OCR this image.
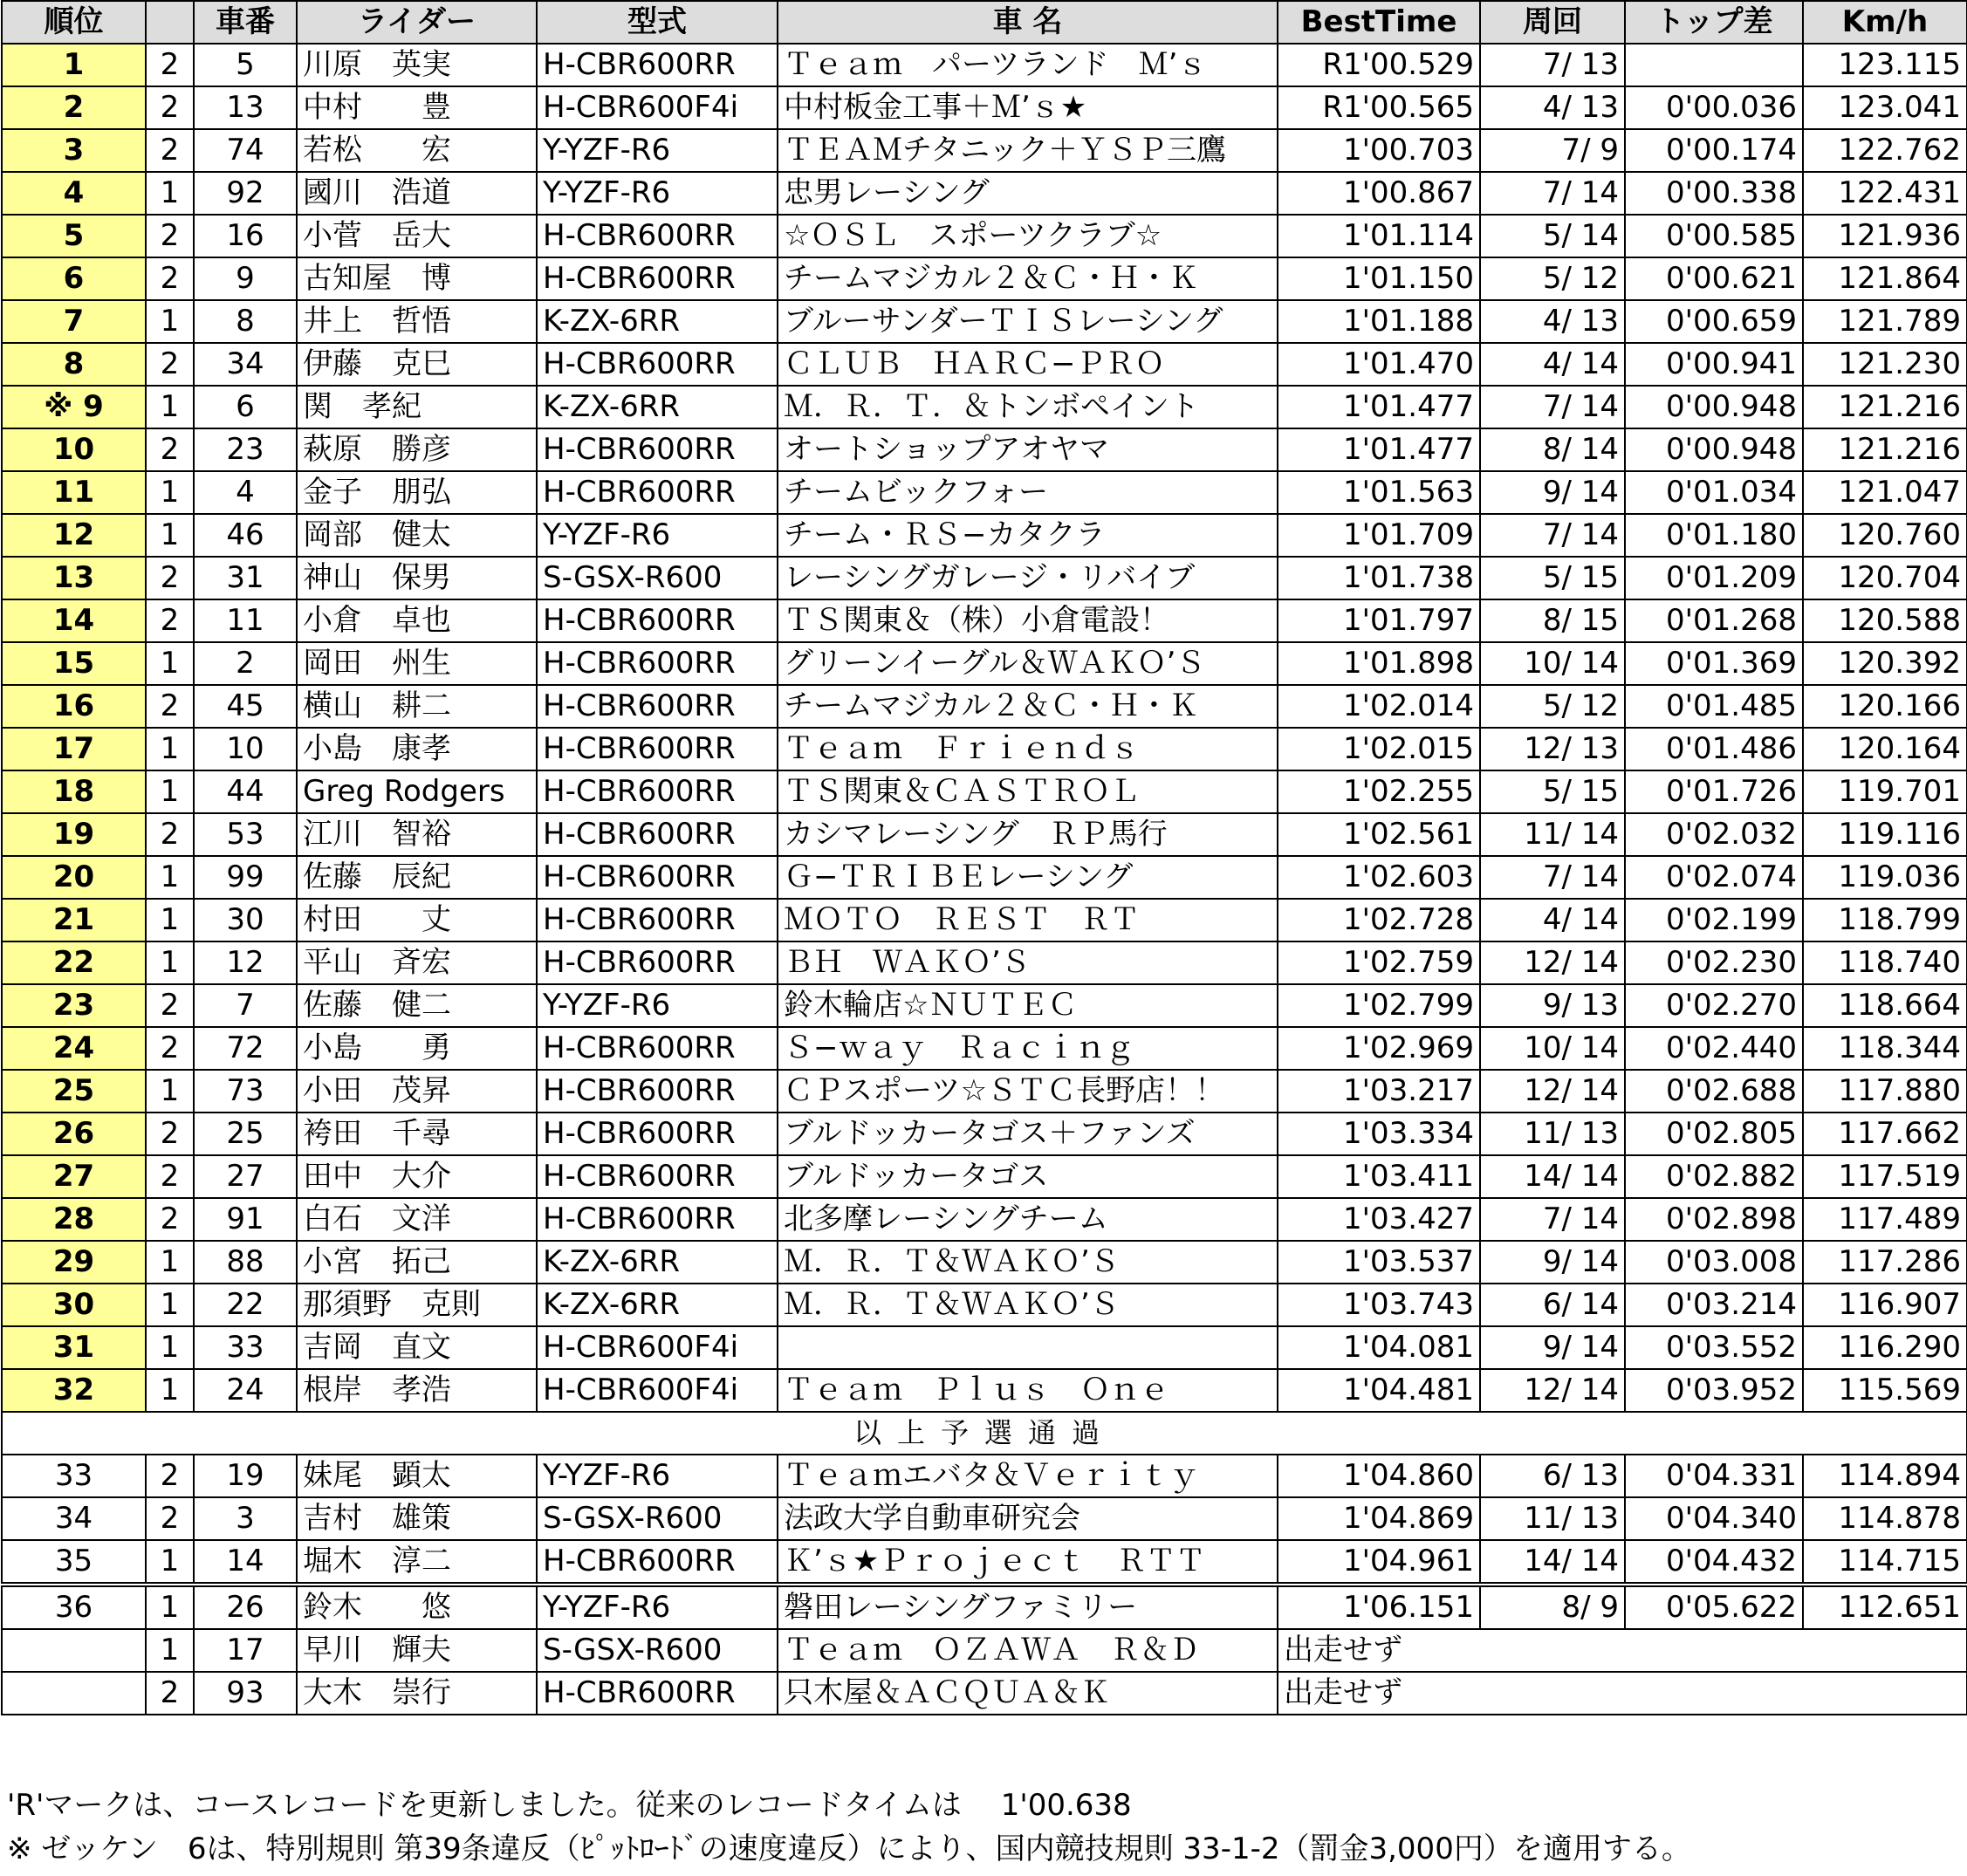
順位		車番	ライダー	型式	車 名	BestTime	周回	トップ差	Km/h
1	2	5	川原　英実	H-CBR600RR	Ｔｅａｍ　パーツランド　Ｍ’ｓ	R1'00.529	7/ 13		123.115
2	2	13	中村　　豊	H-CBR600F4i	中村板金工事＋Ｍ’ｓ★	R1'00.565	4/ 13	0'00.036	123.041
3	2	74	若松　　宏	Y-YZF-R6	ＴＥＡＭチタニック＋ＹＳＰ三鷹	1'00.703	7/ 9	0'00.174	122.762
4	1	92	國川　浩道	Y-YZF-R6	忠男レーシング	1'00.867	7/ 14	0'00.338	122.431
5	2	16	小菅　岳大	H-CBR600RR	☆ＯＳＬ　スポーツクラブ☆	1'01.114	5/ 14	0'00.585	121.936
6	2	9	古知屋　博	H-CBR600RR	チームマジカル２＆Ｃ・Ｈ・Ｋ	1'01.150	5/ 12	0'00.621	121.864
7	1	8	井上　哲悟	K-ZX-6RR	ブルーサンダーＴＩＳレーシング	1'01.188	4/ 13	0'00.659	121.789
8	2	34	伊藤　克巳	H-CBR600RR	ＣＬＵＢ　ＨＡＲＣ−ＰＲＯ	1'01.470	4/ 14	0'00.941	121.230
※ 9	1	6	関　孝紀	K-ZX-6RR	Ｍ．Ｒ．Ｔ．＆トンボペイント	1'01.477	7/ 14	0'00.948	121.216
10	2	23	萩原　勝彦	H-CBR600RR	オートショップアオヤマ	1'01.477	8/ 14	0'00.948	121.216
11	1	4	金子　朋弘	H-CBR600RR	チームビックフォー	1'01.563	9/ 14	0'01.034	121.047
12	1	46	岡部　健太	Y-YZF-R6	チーム・ＲＳ−カタクラ	1'01.709	7/ 14	0'01.180	120.760
13	2	31	神山　保男	S-GSX-R600	レーシングガレージ・リバイブ	1'01.738	5/ 15	0'01.209	120.704
14	2	11	小倉　卓也	H-CBR600RR	ＴＳ関東＆（株）小倉電設！	1'01.797	8/ 15	0'01.268	120.588
15	1	2	岡田　州生	H-CBR600RR	グリーンイーグル＆ＷＡＫＯ’Ｓ	1'01.898	10/ 14	0'01.369	120.392
16	2	45	横山　耕二	H-CBR600RR	チームマジカル２＆Ｃ・Ｈ・Ｋ	1'02.014	5/ 12	0'01.485	120.166
17	1	10	小島　康孝	H-CBR600RR	Ｔｅａｍ　Ｆｒｉｅｎｄｓ	1'02.015	12/ 13	0'01.486	120.164
18	1	44	Greg Rodgers	H-CBR600RR	ＴＳ関東＆ＣＡＳＴＲＯＬ	1'02.255	5/ 15	0'01.726	119.701
19	2	53	江川　智裕	H-CBR600RR	カシマレーシング　ＲＰ馬行	1'02.561	11/ 14	0'02.032	119.116
20	1	99	佐藤　辰紀	H-CBR600RR	Ｇ−ＴＲＩＢＥレーシング	1'02.603	7/ 14	0'02.074	119.036
21	1	30	村田　　丈	H-CBR600RR	ＭＯＴＯ　ＲＥＳＴ　ＲＴ	1'02.728	4/ 14	0'02.199	118.799
22	1	12	平山　斉宏	H-CBR600RR	ＢＨ　ＷＡＫＯ’Ｓ	1'02.759	12/ 14	0'02.230	118.740
23	2	7	佐藤　健二	Y-YZF-R6	鈴木輪店☆ＮＵＴＥＣ	1'02.799	9/ 13	0'02.270	118.664
24	2	72	小島　　勇	H-CBR600RR	Ｓ−ｗａｙ　Ｒａｃｉｎｇ	1'02.969	10/ 14	0'02.440	118.344
25	1	73	小田　茂昇	H-CBR600RR	ＣＰスポーツ☆ＳＴＣ長野店！！	1'03.217	12/ 14	0'02.688	117.880
26	2	25	袴田　千尋	H-CBR600RR	ブルドッカータゴス＋ファンズ	1'03.334	11/ 13	0'02.805	117.662
27	2	27	田中　大介	H-CBR600RR	ブルドッカータゴス	1'03.411	14/ 14	0'02.882	117.519
28	2	91	白石　文洋	H-CBR600RR	北多摩レーシングチーム	1'03.427	7/ 14	0'02.898	117.489
29	1	88	小宮　拓己	K-ZX-6RR	Ｍ．Ｒ．Ｔ＆ＷＡＫＯ’Ｓ	1'03.537	9/ 14	0'03.008	117.286
30	1	22	那須野　克則	K-ZX-6RR	Ｍ．Ｒ．Ｔ＆ＷＡＫＯ’Ｓ	1'03.743	6/ 14	0'03.214	116.907
31	1	33	吉岡　直文	H-CBR600F4i		1'04.081	9/ 14	0'03.552	116.290
32	1	24	根岸　孝浩	H-CBR600F4i	Ｔｅａｍ　Ｐｌｕｓ　Ｏｎｅ	1'04.481	12/ 14	0'03.952	115.569
以上予選通過									
33	2	19	妹尾　顕太	Y-YZF-R6	Ｔｅａｍエバタ＆Ｖｅｒｉｔｙ	1'04.860	6/ 13	0'04.331	114.894
34	2	3	吉村　雄策	S-GSX-R600	法政大学自動車研究会	1'04.869	11/ 13	0'04.340	114.878
35	1	14	堀木　淳二	H-CBR600RR	Ｋ’ｓ★Ｐｒｏｊｅｃｔ　ＲＴＴ	1'04.961	14/ 14	0'04.432	114.715
36	1	26	鈴木　　悠	Y-YZF-R6	磐田レーシングファミリー	1'06.151	8/ 9	0'05.622	112.651
	1	17	早川　輝夫	S-GSX-R600	Ｔｅａｍ　ＯＺＡＷＡ　Ｒ＆Ｄ	出走せず			
	2	93	大木　崇行	H-CBR600RR	只木屋＆ＡＣＱＵＡ＆Ｋ	出走せず			
'R'マークは、コースレコードを更新しました。従来のレコードタイムは　 1'00.638
※ ゼッケン　6は、特別規則 第39条違反（ﾋﾟｯﾄﾛｰﾄﾞの速度違反）により、国内競技規則 33-1-2（罰金3,000円）を適用する。
